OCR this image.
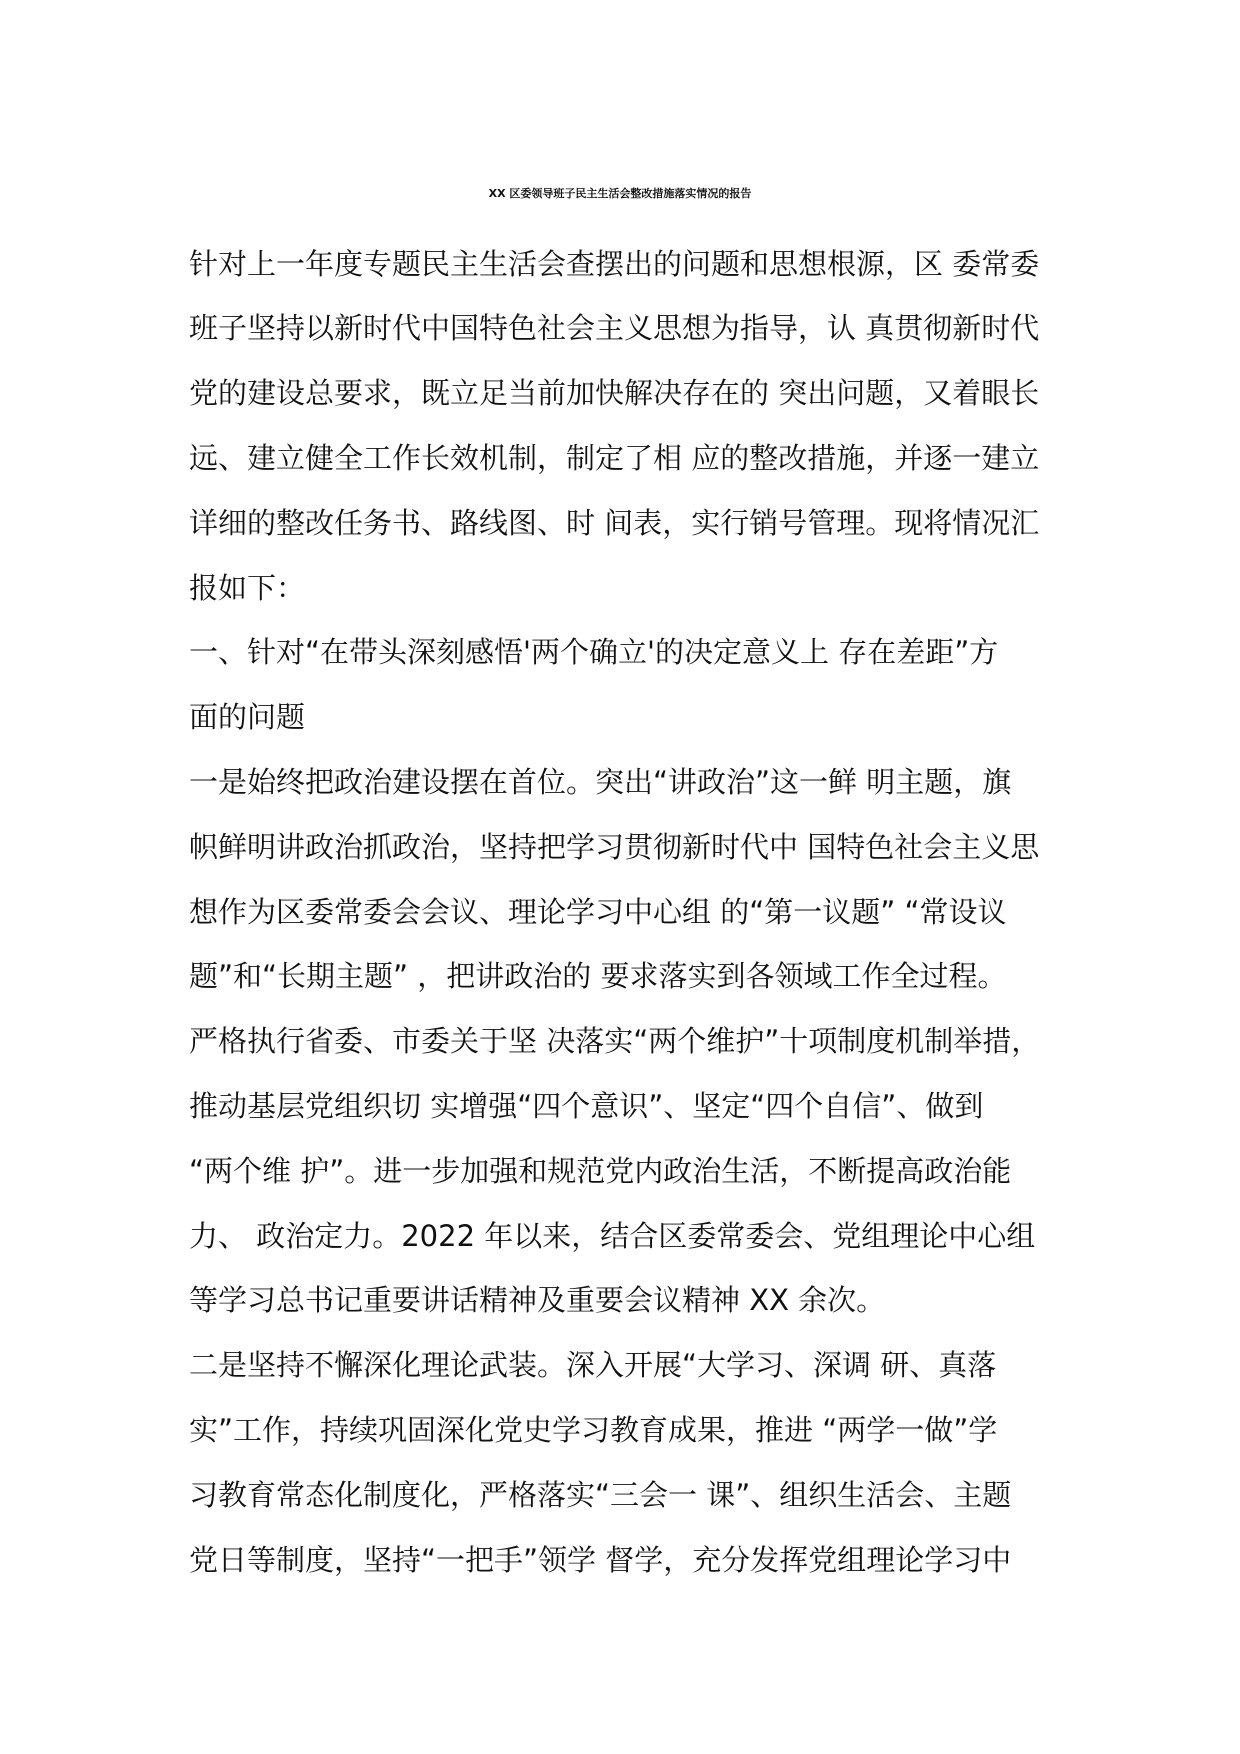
XX 区委领导班子民主生活会整改措施落实情况的报告

针对上一年度专题民主生活会查摆出的问题和思想根源，区 委常委

班子坚持以新时代中国特色社会主义思想为指导，认 真贯彻新时代

党的建设总要求，既立足当前加快解决存在的 突出问题，又着眼长

远、建立健全工作长效机制，制定了相 应的整改措施，并逐一建立

详细的整改任务书、路线图、时 间表，实行销号管理。现将情况汇

报如下：

一、针对“在带头深刻感悟'两个确立'的决定意义上 存在差距”方

面的问题

一是始终把政治建设摆在首位。突出“讲政治”这一鲜 明主题，旗

帜鲜明讲政治抓政治，坚持把学习贯彻新时代中 国特色社会主义思

想作为区委常委会会议、理论学习中心组 的“第一议题” “常设议

题”和“长期主题” ，把讲政治的 要求落实到各领域工作全过程。

严格执行省委、市委关于坚 决落实“两个维护”十项制度机制举措，

推动基层党组织切 实增强“四个意识”、坚定“四个自信”、做到

“两个维 护”。进一步加强和规范党内政治生活，不断提高政治能

力、 政治定力。2022 年以来，结合区委常委会、党组理论中心组

等学习总书记重要讲话精神及重要会议精神 XX 余次。

二是坚持不懈深化理论武装。深入开展“大学习、深调 研、真落

实”工作，持续巩固深化党史学习教育成果，推进 “两学一做”学

习教育常态化制度化，严格落实“三会一 课”、组织生活会、主题

党日等制度，坚持“一把手”领学 督学，充分发挥党组理论学习中
